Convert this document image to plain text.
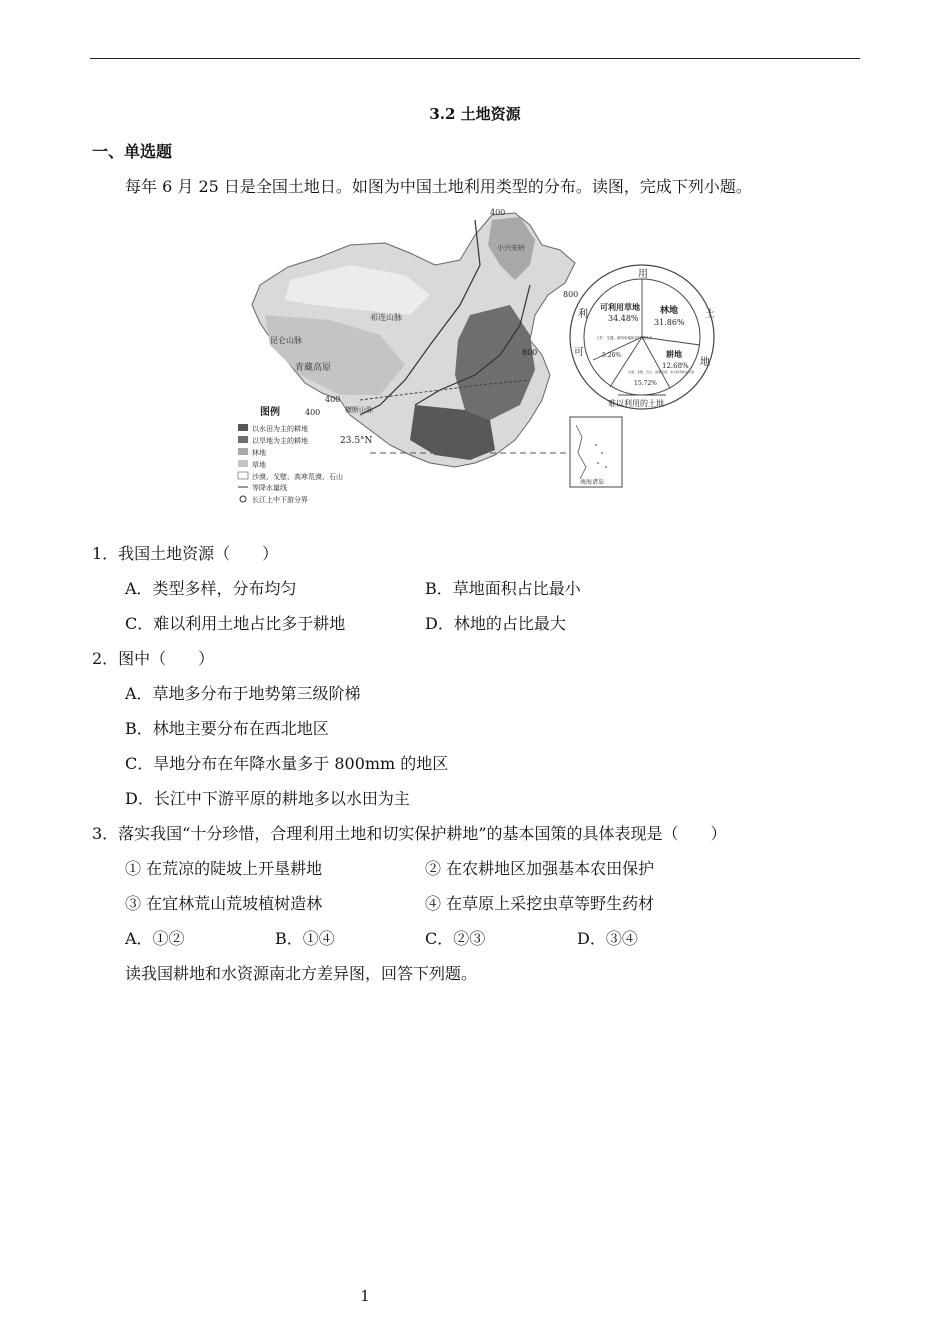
3.2 土地资源
一、单选题
每年 6 月 25 日是全国土地日。如图为中国土地利用类型的分布。读图，完成下列小题。
400
800
800
400
400
23.5°N
昆仑山脉
祁连山脉
青藏高原
横断山脉
小兴安岭
图例
以水田为主的耕地
以旱地为主的耕地
林地
草地
沙漠、戈壁、高寒荒漠、石山
等降水量线
长江上中下游分界
用
土
地
利
可
难以利用的土地
可利用草地
34.48%
林地
31.86%
耕地
12.68%
工矿、交通、城市用地和农村居民点
5.26%
沙漠、戈壁、石山、高寒荒漠、永久积雪和冰川等
15.72%
南海诸岛
1．我国土地资源（　　）
A．类型多样，分布均匀	B．草地面积占比最小
C．难以利用土地占比多于耕地	D．林地的占比最大
2．图中（　　）
A．草地多分布于地势第三级阶梯
B．林地主要分布在西北地区
C．旱地分布在年降水量多于 800mm 的地区
D．长江中下游平原的耕地多以水田为主
3．落实我国“十分珍惜，合理利用土地和切实保护耕地”的基本国策的具体表现是（　　）
① 在荒凉的陡坡上开垦耕地	② 在农耕地区加强基本农田保护
③ 在宜林荒山荒坡植树造林	④ 在草原上采挖虫草等野生药材
A．①②	B．①④	C．②③	D．③④
读我国耕地和水资源南北方差异图，回答下列题。
1
